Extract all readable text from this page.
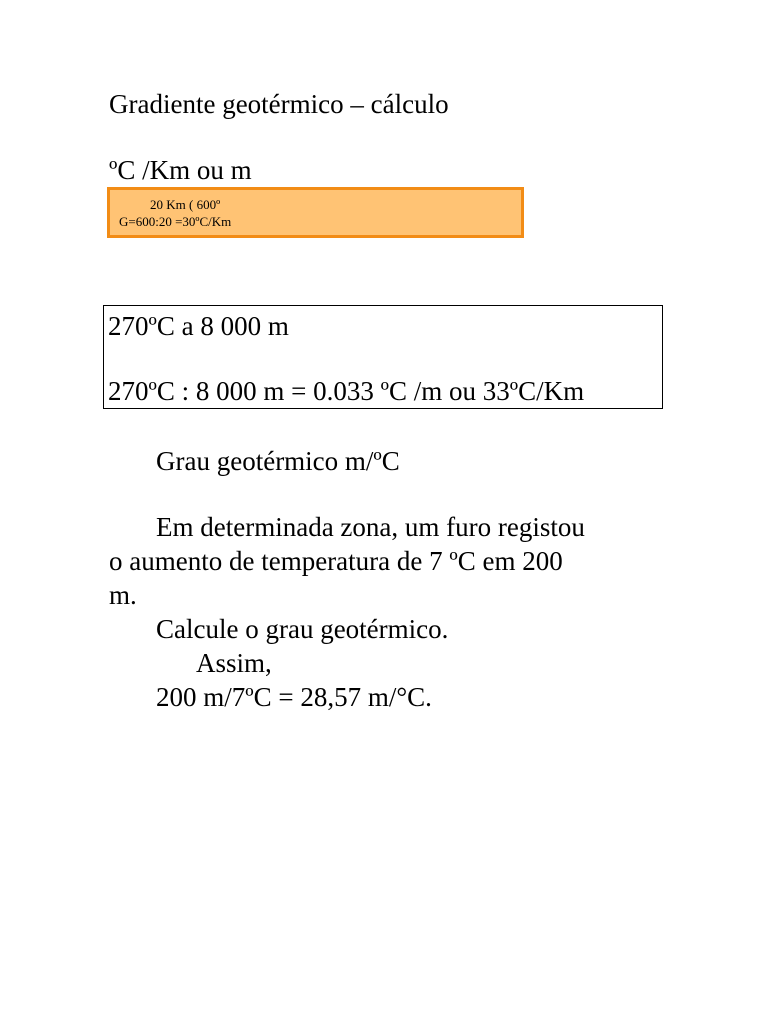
Gradiente geotérmico – cálculo
ºC /Km ou m
20 Km ( 600º
G=600:20 =30ºC/Km
270ºC a 8 000 m
270ºC : 8 000 m = 0.033 ºC /m ou 33ºC/Km
Grau geotérmico m/ºC
Em determinada zona, um furo registou
o aumento de temperatura de 7 ºC em 200
m.
Calcule o grau geotérmico.
Assim,
200 m/7ºC = 28,57 m/°C.
